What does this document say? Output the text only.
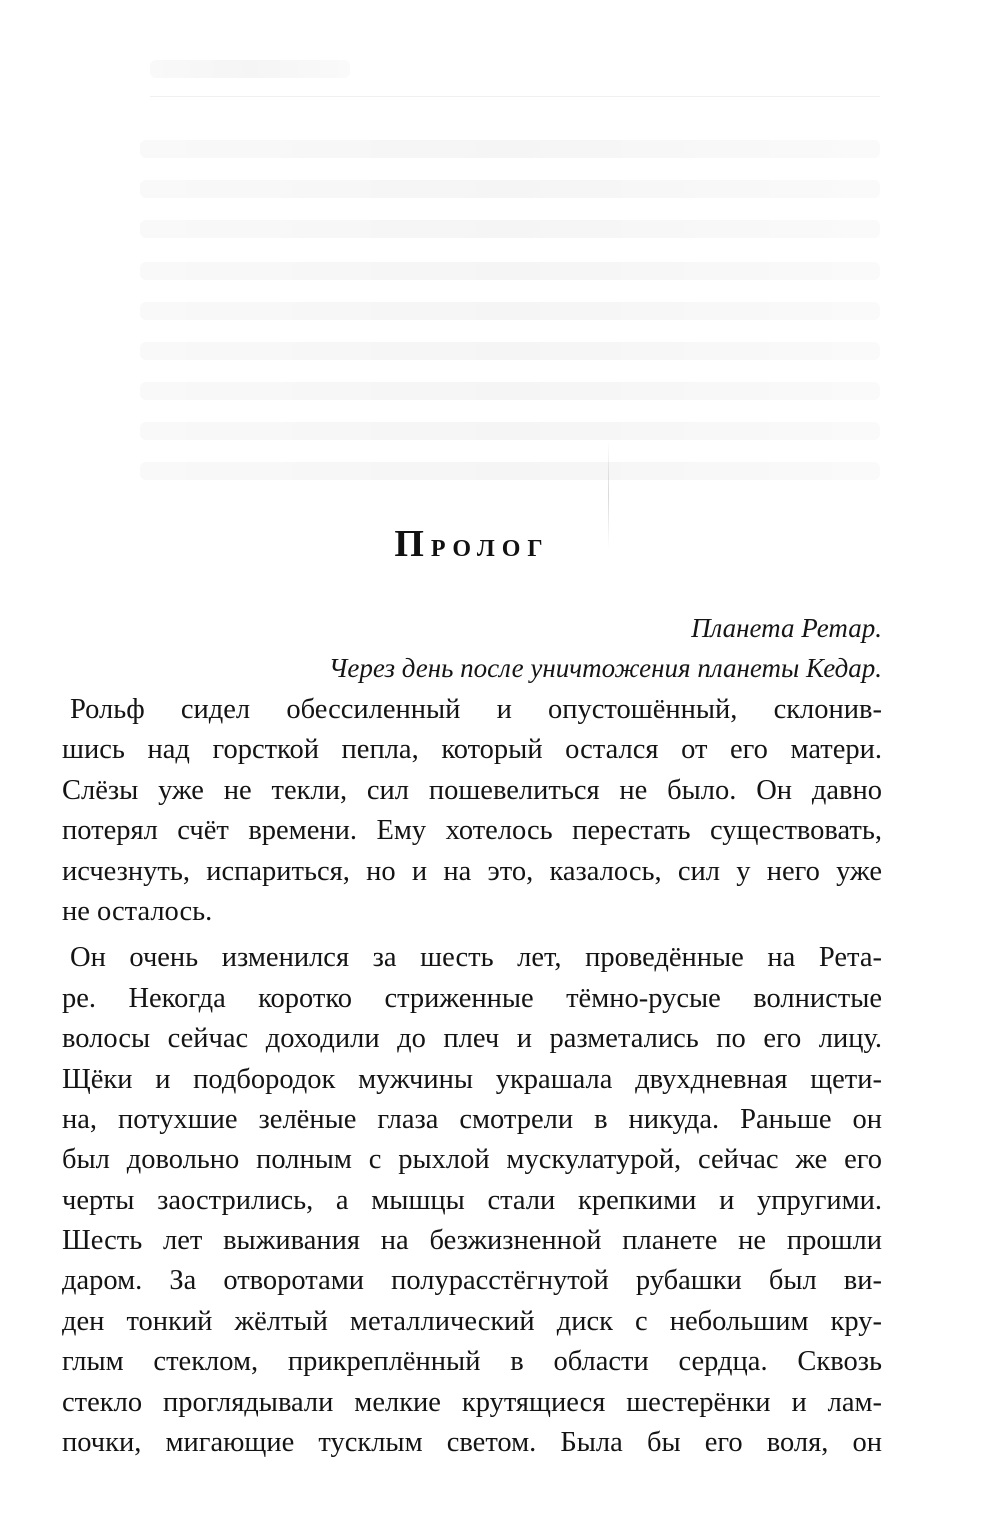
Пролог
Планета Ретар.
Через день после уничтожения планеты Кедар.
Рольф сидел обессиленный и опустошённый, склонив-
шись над горсткой пепла, который остался от его матери.
Слёзы уже не текли, сил пошевелиться не было. Он давно
потерял счёт времени. Ему хотелось перестать существовать,
исчезнуть, испариться, но и на это, казалось, сил у него уже
не осталось.
Он очень изменился за шесть лет, проведённые на Рета-
ре. Некогда коротко стриженные тёмно-русые волнистые
волосы сейчас доходили до плеч и разметались по его лицу.
Щёки и подбородок мужчины украшала двухдневная щети-
на, потухшие зелёные глаза смотрели в никуда. Раньше он
был довольно полным с рыхлой мускулатурой, сейчас же его
черты заострились, а мышцы стали крепкими и упругими.
Шесть лет выживания на безжизненной планете не прошли
даром. За отворотами полурасстёгнутой рубашки был ви-
ден тонкий жёлтый металлический диск с небольшим кру-
глым стеклом, прикреплённый в области сердца. Сквозь
стекло проглядывали мелкие крутящиеся шестерёнки и лам-
почки, мигающие тусклым светом. Была бы его воля, он
